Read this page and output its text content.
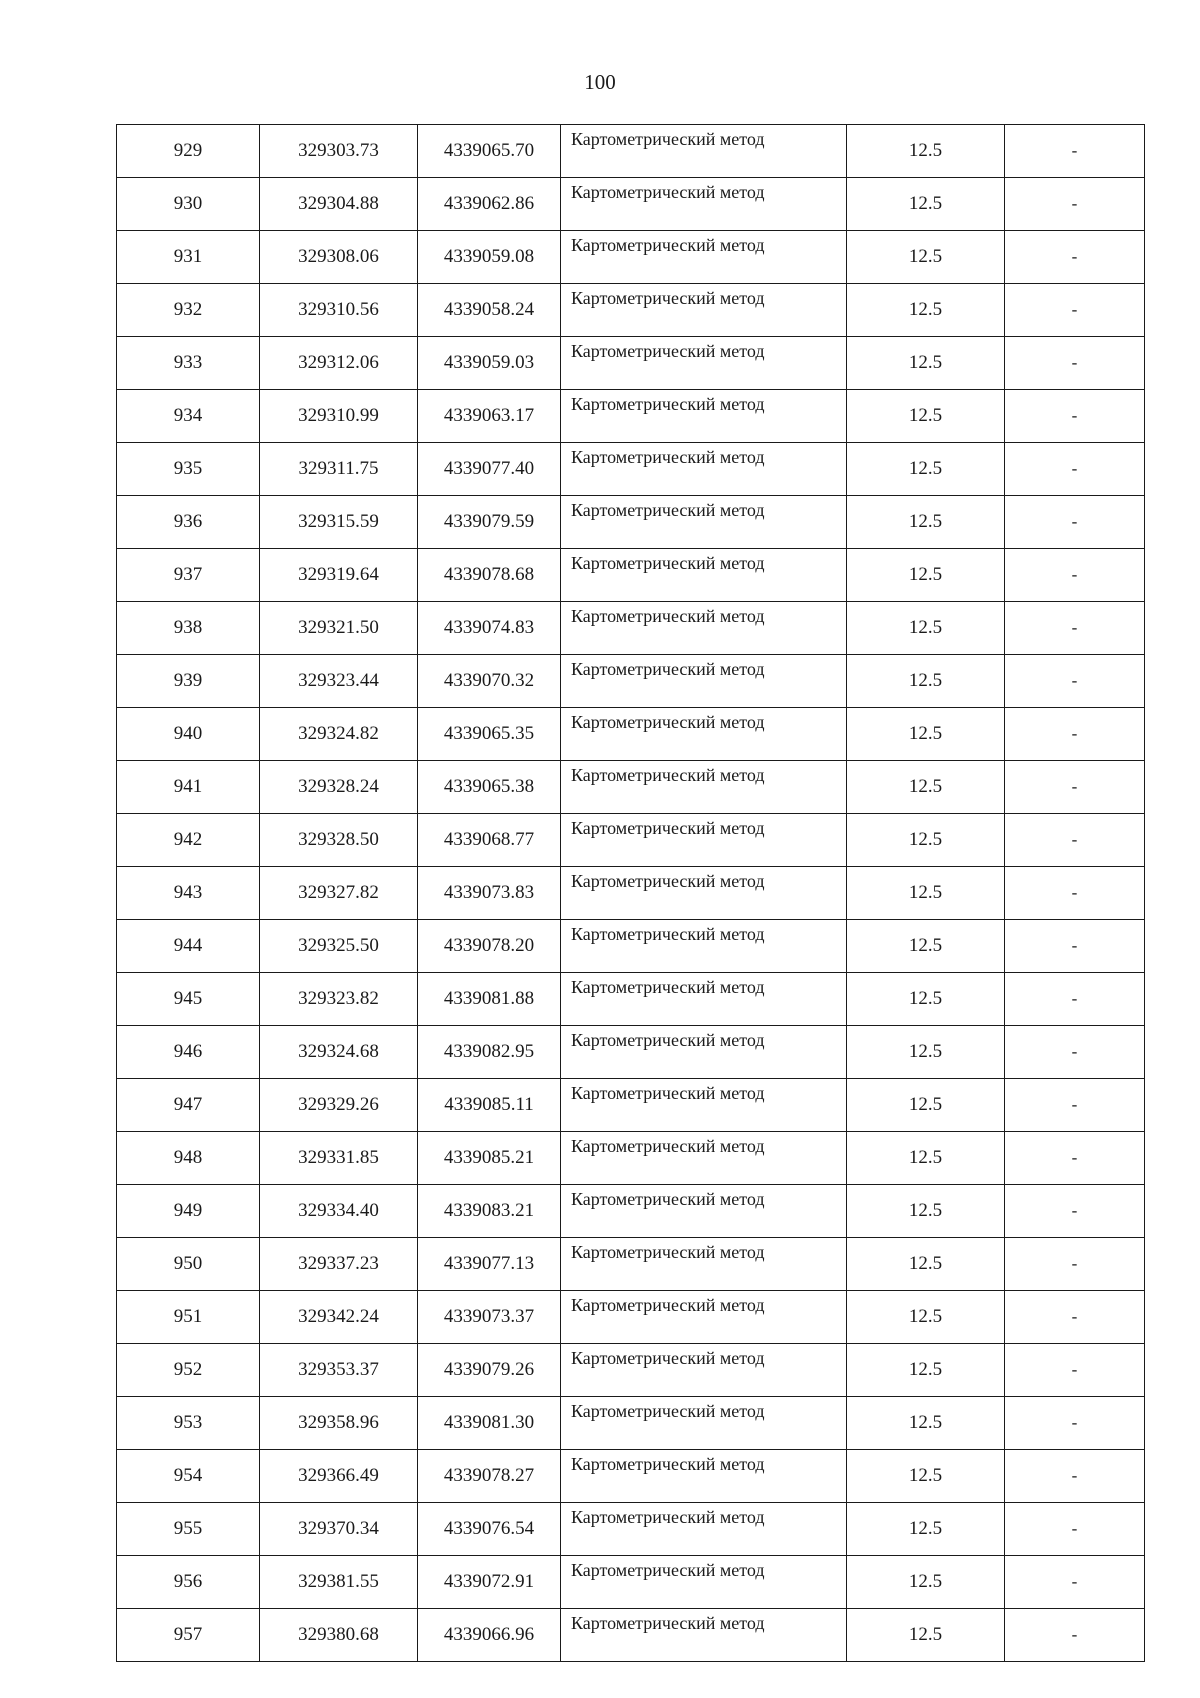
100
929	329303.73	4339065.70	Картометрический метод	12.5	-
930	329304.88	4339062.86	Картометрический метод	12.5	-
931	329308.06	4339059.08	Картометрический метод	12.5	-
932	329310.56	4339058.24	Картометрический метод	12.5	-
933	329312.06	4339059.03	Картометрический метод	12.5	-
934	329310.99	4339063.17	Картометрический метод	12.5	-
935	329311.75	4339077.40	Картометрический метод	12.5	-
936	329315.59	4339079.59	Картометрический метод	12.5	-
937	329319.64	4339078.68	Картометрический метод	12.5	-
938	329321.50	4339074.83	Картометрический метод	12.5	-
939	329323.44	4339070.32	Картометрический метод	12.5	-
940	329324.82	4339065.35	Картометрический метод	12.5	-
941	329328.24	4339065.38	Картометрический метод	12.5	-
942	329328.50	4339068.77	Картометрический метод	12.5	-
943	329327.82	4339073.83	Картометрический метод	12.5	-
944	329325.50	4339078.20	Картометрический метод	12.5	-
945	329323.82	4339081.88	Картометрический метод	12.5	-
946	329324.68	4339082.95	Картометрический метод	12.5	-
947	329329.26	4339085.11	Картометрический метод	12.5	-
948	329331.85	4339085.21	Картометрический метод	12.5	-
949	329334.40	4339083.21	Картометрический метод	12.5	-
950	329337.23	4339077.13	Картометрический метод	12.5	-
951	329342.24	4339073.37	Картометрический метод	12.5	-
952	329353.37	4339079.26	Картометрический метод	12.5	-
953	329358.96	4339081.30	Картометрический метод	12.5	-
954	329366.49	4339078.27	Картометрический метод	12.5	-
955	329370.34	4339076.54	Картометрический метод	12.5	-
956	329381.55	4339072.91	Картометрический метод	12.5	-
957	329380.68	4339066.96	Картометрический метод	12.5	-
